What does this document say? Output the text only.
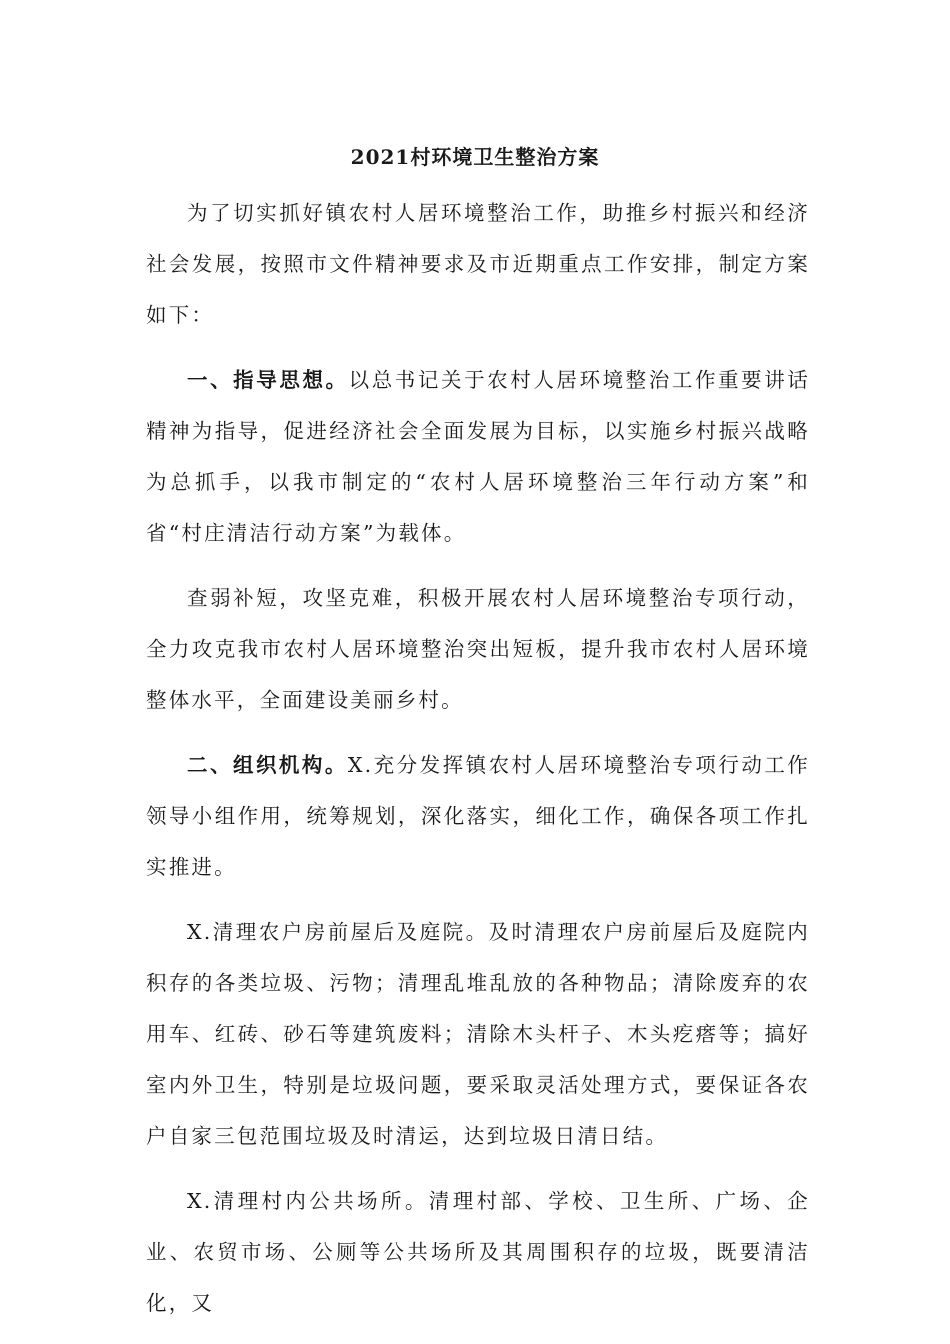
2021村环境卫生整治方案

为了切实抓好镇农村人居环境整治工作，助推乡村振兴和经济社会发展，按照市文件精神要求及市近期重点工作安排，制定方案如下：

一、指导思想。以总书记关于农村人居环境整治工作重要讲话精神为指导，促进经济社会全面发展为目标，以实施乡村振兴战略为总抓手，以我市制定的“农村人居环境整治三年行动方案”和省“村庄清洁行动方案”为载体。

查弱补短，攻坚克难，积极开展农村人居环境整治专项行动，全力攻克我市农村人居环境整治突出短板，提升我市农村人居环境整体水平，全面建设美丽乡村。

二、组织机构。X.充分发挥镇农村人居环境整治专项行动工作领导小组作用，统筹规划，深化落实，细化工作，确保各项工作扎实推进。

X.清理农户房前屋后及庭院。及时清理农户房前屋后及庭院内积存的各类垃圾、污物；清理乱堆乱放的各种物品；清除废弃的农用车、红砖、砂石等建筑废料；清除木头杆子、木头疙瘩等；搞好室内外卫生，特别是垃圾问题，要采取灵活处理方式，要保证各农户自家三包范围垃圾及时清运，达到垃圾日清日结。

X.清理村内公共场所。清理村部、学校、卫生所、广场、企业、农贸市场、公厕等公共场所及其周围积存的垃圾，既要清洁化，又
